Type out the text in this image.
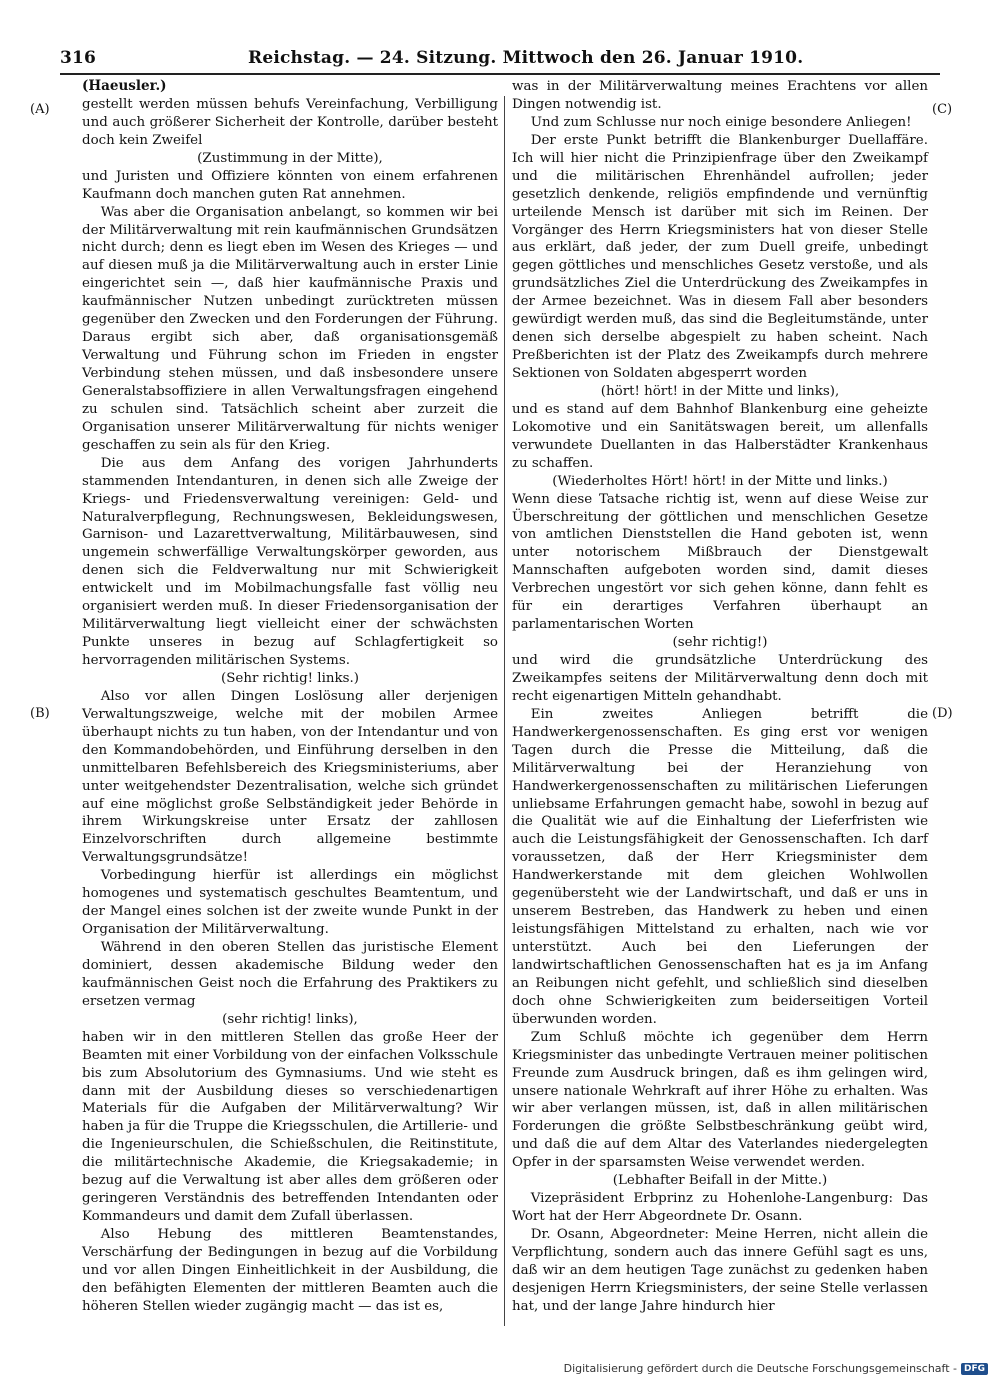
316	Reichstag. — 24. Sitzung. Mittwoch den 26. Januar 1910.
(A)
(B)
(C)
(D)

(Haeusler.)

gestellt werden müssen behufs Vereinfachung, Verbilligung und auch größerer Sicherheit der Kontrolle, darüber besteht doch kein Zweifel

(Zustimmung in der Mitte),

und Juristen und Offiziere könnten von einem erfahrenen Kaufmann doch manchen guten Rat annehmen.

Was aber die Organisation anbelangt, so kommen wir bei der Militärverwaltung mit rein kaufmännischen Grundsätzen nicht durch; denn es liegt eben im Wesen des Krieges — und auf diesen muß ja die Militärverwaltung auch in erster Linie eingerichtet sein —, daß hier kaufmännische Praxis und kaufmännischer Nutzen unbedingt zurücktreten müssen gegenüber den Zwecken und den Forderungen der Führung. Daraus ergibt sich aber, daß organisationsgemäß Verwaltung und Führung schon im Frieden in engster Verbindung stehen müssen, und daß insbesondere unsere Generalstabsoffiziere in allen Verwaltungsfragen eingehend zu schulen sind. Tatsächlich scheint aber zurzeit die Organisation unserer Militärverwaltung für nichts weniger geschaffen zu sein als für den Krieg.

Die aus dem Anfang des vorigen Jahrhunderts stammenden Intendanturen, in denen sich alle Zweige der Kriegs- und Friedensverwaltung vereinigen: Geld- und Naturalverpflegung, Rechnungswesen, Bekleidungswesen, Garnison- und Lazarettverwaltung, Militärbauwesen, sind ungemein schwerfällige Verwaltungskörper geworden, aus denen sich die Feldverwaltung nur mit Schwierigkeit entwickelt und im Mobilmachungsfalle fast völlig neu organisiert werden muß. In dieser Friedensorganisation der Militärverwaltung liegt vielleicht einer der schwächsten Punkte unseres in bezug auf Schlagfertigkeit so hervorragenden militärischen Systems.

(Sehr richtig! links.)

Also vor allen Dingen Loslösung aller derjenigen Verwaltungszweige, welche mit der mobilen Armee überhaupt nichts zu tun haben, von der Intendantur und von den Kommandobehörden, und Einführung derselben in den unmittelbaren Befehlsbereich des Kriegsministeriums, aber unter weitgehendster Dezentralisation, welche sich gründet auf eine möglichst große Selbständigkeit jeder Behörde in ihrem Wirkungskreise unter Ersatz der zahllosen Einzelvorschriften durch allgemeine bestimmte Verwaltungsgrundsätze!

Vorbedingung hierfür ist allerdings ein möglichst homogenes und systematisch geschultes Beamtentum, und der Mangel eines solchen ist der zweite wunde Punkt in der Organisation der Militärverwaltung.

Während in den oberen Stellen das juristische Element dominiert, dessen akademische Bildung weder den kaufmännischen Geist noch die Erfahrung des Praktikers zu ersetzen vermag

(sehr richtig! links),

haben wir in den mittleren Stellen das große Heer der Beamten mit einer Vorbildung von der einfachen Volksschule bis zum Absolutorium des Gymnasiums. Und wie steht es dann mit der Ausbildung dieses so verschiedenartigen Materials für die Aufgaben der Militärverwaltung? Wir haben ja für die Truppe die Kriegsschulen, die Artillerie- und die Ingenieurschulen, die Schießschulen, die Reitinstitute, die militärtechnische Akademie, die Kriegsakademie; in bezug auf die Verwaltung ist aber alles dem größeren oder geringeren Verständnis des betreffenden Intendanten oder Kommandeurs und damit dem Zufall überlassen.

Also Hebung des mittleren Beamtenstandes, Verschärfung der Bedingungen in bezug auf die Vorbildung und vor allen Dingen Einheitlichkeit in der Ausbildung, die den befähigten Elementen der mittleren Beamten auch die höheren Stellen wieder zugängig macht — das ist es,

was in der Militärverwaltung meines Erachtens vor allen Dingen notwendig ist.

Und zum Schlusse nur noch einige besondere Anliegen!

Der erste Punkt betrifft die Blankenburger Duellaffäre. Ich will hier nicht die Prinzipienfrage über den Zweikampf und die militärischen Ehrenhändel aufrollen; jeder gesetzlich denkende, religiös empfindende und vernünftig urteilende Mensch ist darüber mit sich im Reinen. Der Vorgänger des Herrn Kriegsministers hat von dieser Stelle aus erklärt, daß jeder, der zum Duell greife, unbedingt gegen göttliches und menschliches Gesetz verstoße, und als grundsätzliches Ziel die Unterdrückung des Zweikampfes in der Armee bezeichnet. Was in diesem Fall aber besonders gewürdigt werden muß, das sind die Begleitumstände, unter denen sich derselbe abgespielt zu haben scheint. Nach Preßberichten ist der Platz des Zweikampfs durch mehrere Sektionen von Soldaten abgesperrt worden

(hört! hört! in der Mitte und links),

und es stand auf dem Bahnhof Blankenburg eine geheizte Lokomotive und ein Sanitätswagen bereit, um allenfalls verwundete Duellanten in das Halberstädter Krankenhaus zu schaffen.

(Wiederholtes Hört! hört! in der Mitte und links.)

Wenn diese Tatsache richtig ist, wenn auf diese Weise zur Überschreitung der göttlichen und menschlichen Gesetze von amtlichen Dienststellen die Hand geboten ist, wenn unter notorischem Mißbrauch der Dienstgewalt Mannschaften aufgeboten worden sind, damit dieses Verbrechen ungestört vor sich gehen könne, dann fehlt es für ein derartiges Verfahren überhaupt an parlamentarischen Worten

(sehr richtig!)

und wird die grundsätzliche Unterdrückung des Zweikampfes seitens der Militärverwaltung denn doch mit recht eigenartigen Mitteln gehandhabt.

Ein zweites Anliegen betrifft die Handwerkergenossenschaften. Es ging erst vor wenigen Tagen durch die Presse die Mitteilung, daß die Militärverwaltung bei der Heranziehung von Handwerkergenossenschaften zu militärischen Lieferungen unliebsame Erfahrungen gemacht habe, sowohl in bezug auf die Qualität wie auf die Einhaltung der Lieferfristen wie auch die Leistungsfähigkeit der Genossenschaften. Ich darf voraussetzen, daß der Herr Kriegsminister dem Handwerkerstande mit dem gleichen Wohlwollen gegenübersteht wie der Landwirtschaft, und daß er uns in unserem Bestreben, das Handwerk zu heben und einen leistungsfähigen Mittelstand zu erhalten, nach wie vor unterstützt. Auch bei den Lieferungen der landwirtschaftlichen Genossenschaften hat es ja im Anfang an Reibungen nicht gefehlt, und schließlich sind dieselben doch ohne Schwierigkeiten zum beiderseitigen Vorteil überwunden worden.

Zum Schluß möchte ich gegenüber dem Herrn Kriegsminister das unbedingte Vertrauen meiner politischen Freunde zum Ausdruck bringen, daß es ihm gelingen wird, unsere nationale Wehrkraft auf ihrer Höhe zu erhalten. Was wir aber verlangen müssen, ist, daß in allen militärischen Forderungen die größte Selbstbeschränkung geübt wird, und daß die auf dem Altar des Vaterlandes niedergelegten Opfer in der sparsamsten Weise verwendet werden.

(Lebhafter Beifall in der Mitte.)

Vizepräsident Erbprinz zu Hohenlohe-Langenburg: Das Wort hat der Herr Abgeordnete Dr. Osann.

Dr. Osann, Abgeordneter: Meine Herren, nicht allein die Verpflichtung, sondern auch das innere Gefühl sagt es uns, daß wir an dem heutigen Tage zunächst zu gedenken haben desjenigen Herrn Kriegsministers, der seine Stelle verlassen hat, und der lange Jahre hindurch hier

Digitalisierung gefördert durch die Deutsche Forschungsgemeinschaft - DFG
